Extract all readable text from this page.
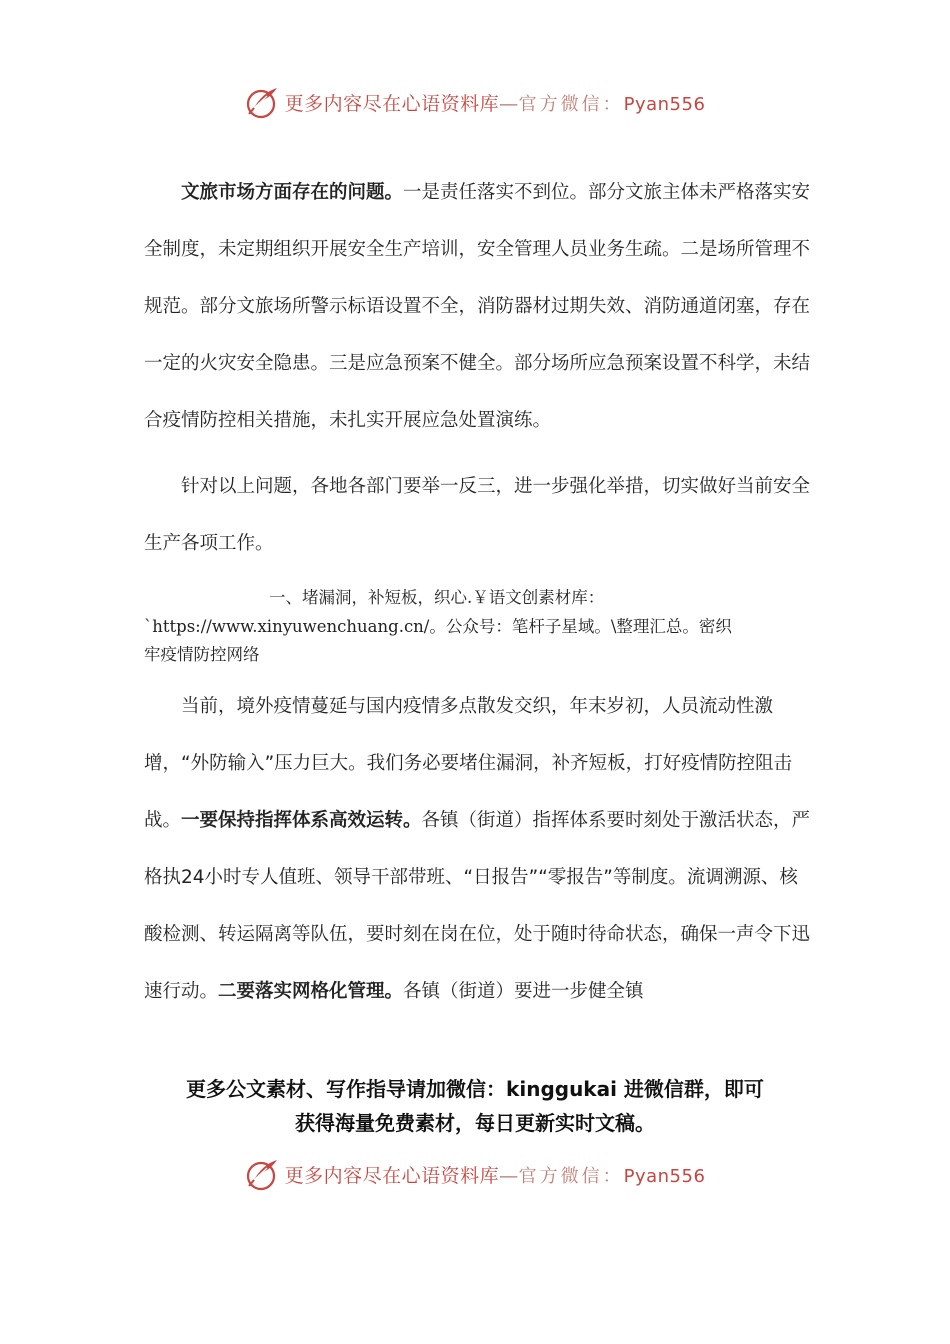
更多内容尽在心语资料库—官方微信：Pyan556

文旅市场方面存在的问题。一是责任落实不到位。部分文旅主体未严格落实安全制度，未定期组织开展安全生产培训，安全管理人员业务生疏。二是场所管理不规范。部分文旅场所警示标语设置不全，消防器材过期失效、消防通道闭塞，存在一定的火灾安全隐患。三是应急预案不健全。部分场所应急预案设置不科学，未结合疫情防控相关措施，未扎实开展应急处置演练。

针对以上问题，各地各部门要举一反三，进一步强化举措，切实做好当前安全生产各项工作。

一、堵漏洞，补短板，织心.￥语文创素材库：
`https://www.xinyuwenchuang.cn/。公众号：笔杆子星域。\整理汇总。密织
牢疫情防控网络

当前，境外疫情蔓延与国内疫情多点散发交织，年末岁初，人员流动性激增，“外防输入”压力巨大。我们务必要堵住漏洞，补齐短板，打好疫情防控阻击战。一要保持指挥体系高效运转。各镇（街道）指挥体系要时刻处于激活状态，严格执24小时专人值班、领导干部带班、“日报告”“零报告”等制度。流调溯源、核酸检测、转运隔离等队伍，要时刻在岗在位，处于随时待命状态，确保一声令下迅速行动。二要落实网格化管理。各镇（街道）要进一步健全镇

更多公文素材、写作指导请加微信：kinggukai 进微信群，即可
获得海量免费素材，每日更新实时文稿。
更多内容尽在心语资料库—官方微信：Pyan556
